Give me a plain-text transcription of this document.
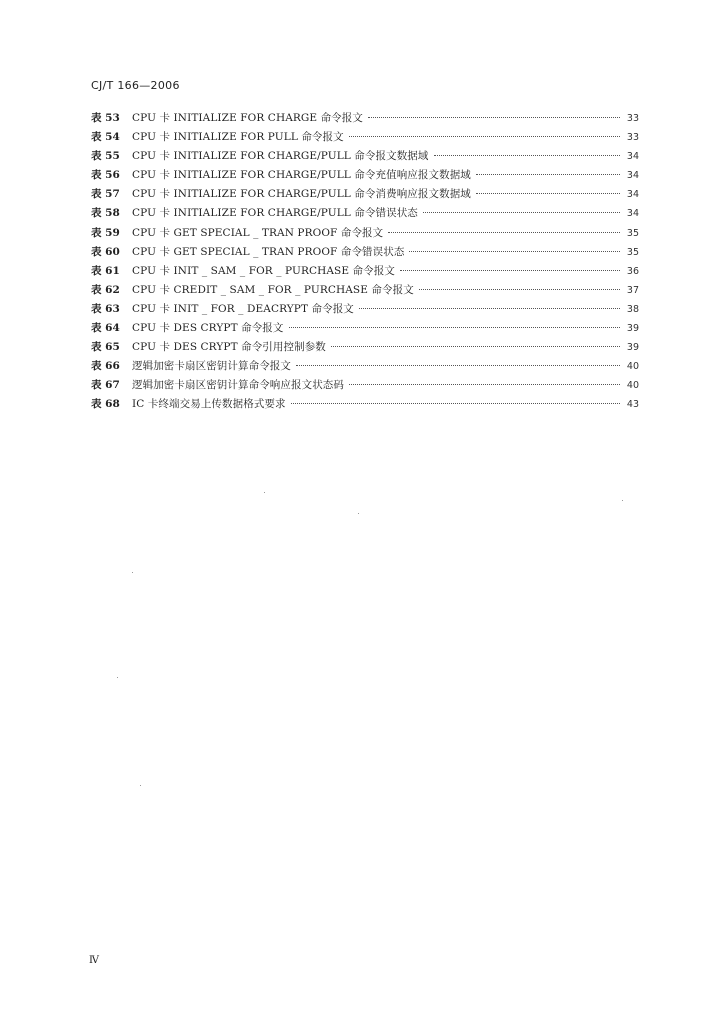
CJ/T 166—2006
表 53	CPU 卡 INITIALIZE FOR CHARGE 命令报文	33
表 54	CPU 卡 INITIALIZE FOR PULL 命令报文	33
表 55	CPU 卡 INITIALIZE FOR CHARGE/PULL 命令报文数据域	34
表 56	CPU 卡 INITIALIZE FOR CHARGE/PULL 命令充值响应报文数据域	34
表 57	CPU 卡 INITIALIZE FOR CHARGE/PULL 命令消费响应报文数据域	34
表 58	CPU 卡 INITIALIZE FOR CHARGE/PULL 命令错误状态	34
表 59	CPU 卡 GET SPECIAL _ TRAN PROOF 命令报文	35
表 60	CPU 卡 GET SPECIAL _ TRAN PROOF 命令错误状态	35
表 61	CPU 卡 INIT _ SAM _ FOR _ PURCHASE 命令报文	36
表 62	CPU 卡 CREDIT _ SAM _ FOR _ PURCHASE 命令报文	37
表 63	CPU 卡 INIT _ FOR _ DEACRYPT 命令报文	38
表 64	CPU 卡 DES CRYPT 命令报文	39
表 65	CPU 卡 DES CRYPT 命令引用控制参数	39
表 66	逻辑加密卡扇区密钥计算命令报文	40
表 67	逻辑加密卡扇区密钥计算命令响应报文状态码	40
表 68	IC 卡终端交易上传数据格式要求	43
Ⅳ
